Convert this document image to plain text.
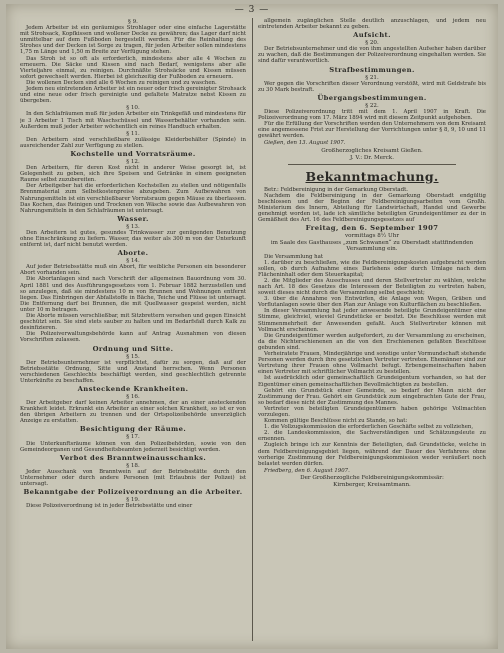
— 3 —
§ 9.
Jedem Arbeiter ist ein geräumiges Strohlager oder eine einfache Lagerstätte mit Strohsack, Kopfkissen und wollener Decke zu gewähren; das Lager darf nicht unmittelbar auf dem Fußboden hergestellt werden. Für die Reinhaltung des Strohes und der Decken ist Sorge zu tragen, für jeden Arbeiter sollen mindestens 1,75 m Länge und 1,50 m Breite zur Verfügung stehen.
Das Stroh ist so oft als erforderlich, mindestens aber alle 4 Wochen zu erneuern. Die Säcke und Kissen sind nach Bedarf, wenigstens aber alle Vierteljahre einmal, zu reinigen. Durchnäßte Strohsäcke und Kissen müssen sofort gewechselt werden. Hierbei ist gleichzeitig der Fußboden zu erneuern.
Die wollenen Decken sind alle 6 Wochen zu reinigen und zu waschen.
Jedem neu eintretenden Arbeiter ist ein neuer oder frisch gereinigter Strohsack und eine neue oder frisch gereinigte und gefaltete Matratze nebst Kissen zu übergeben.
§ 10.
In den Schlafräumen muß für jeden Arbeiter ein Trinkgefäß und mindestens für je 3 Arbeiter 1 Tisch mit Waschschüssel und Wasserbehälter vorhanden sein. Außerdem muß jeder Arbeiter wöchentlich ein reines Handtuch erhalten.
§ 11.
Den Arbeitern sind verschließbare zulässige Kleiderbehälter (Spinde) in ausreichender Zahl zur Verfügung zu stellen.
Kochstelle und Vorratsräume.
§ 12.
Den Arbeitern, für deren Kost nicht in anderer Weise gesorgt ist, ist Gelegenheit zu geben, sich ihre Speisen und Getränke in einem geeigneten Raume selbst zuzubereiten.
Der Arbeitgeber hat die erforderlichen Kochstellen zu stellen und nötigenfalls Brennmaterial zum Selbstkostenpreise abzugeben. Zum Aufbewahren von Nahrungsmitteln ist ein verschließbarer Vorratsraum gegen Mäuse zu überlassen. Das Kochen, das Reinigen und Trocknen von Wäsche sowie das Aufbewahren von Nahrungsmitteln in den Schlafräumen ist untersagt.
Wasser.
§ 13.
Den Arbeitern ist gutes, gesundes Trinkwasser zur genügenden Benutzung ohne Einschränkung zu liefern. Wasser, das weiter als 300 m von der Unterkunft entfernt ist, darf nicht benutzt werden.
Aborte.
§ 14.
Auf jeder Betriebsstätte muß ein Abort, für weibliche Personen ein besonderer Abort vorhanden sein.
Die Abortanlagen sind nach Vorschrift der allgemeinen Bauordnung vom 30. April 1881 und des Ausführungsgesetzes vom 1. Februar 1882 herzustellen und so anzulegen, daß sie mindestens 10 m von Brunnen und Wohnungen entfernt liegen. Das Einbringen der Abfallstoffe in Bäche, Teiche und Flüsse ist untersagt. Die Entfernung darf bei Brunnen, die mit Quellwasser gespeist werden, nicht unter 10 m betragen.
Die Aborte müssen verschließbar, mit Sitzbrettern versehen und gegen Einsicht geschützt sein. Sie sind stets sauber zu halten und im Bedarfsfall durch Kalk zu desinfizieren.
Die Polizeiverwaltungsbehörde kann auf Antrag Ausnahmen von diesen Vorschriften zulassen.
Ordnung und Sitte.
§ 15.
Der Betriebsunternehmer ist verpflichtet, dafür zu sorgen, daß auf der Betriebsstätte Ordnung, Sitte und Anstand herrschen. Wenn Personen verschiedenen Geschlechts beschäftigt werden, sind geschlechtlich getrennte Unterkünfte zu beschaffen.
Ansteckende Krankheiten.
§ 16.
Der Arbeitgeber darf keinen Arbeiter annehmen, der an einer ansteckenden Krankheit leidet. Erkrankt ein Arbeiter an einer solchen Krankheit, so ist er von den übrigen Arbeitern zu trennen und der Ortspolizeibehörde unverzüglich Anzeige zu erstatten.
Besichtigung der Räume.
§ 17.
Die Unterkunftsräume können von den Polizeibehörden, sowie von den Gemeindeorganen und Gesundheitsbeamten jederzeit besichtigt werden.
Verbot des Branntweinausschanks.
§ 18.
Jeder Ausschank von Branntwein auf der Betriebsstätte durch den Unternehmer oder durch andere Personen (mit Erlaubnis der Polizei) ist untersagt.
Bekanntgabe der Polizeiverordnung an die Arbeiter.
§ 19.
Diese Polizeiverordnung ist in jeder Betriebsstätte und einer
allgemein zugänglichen Stelle deutlich anzuschlagen, und jedem neu eintretenden Arbeiter bekannt zu geben.
Aufsicht.
§ 20.
Der Betriebsunternehmer und die von ihm angestellten Aufseher haben darüber zu wachen, daß die Bestimmungen der Polizeiverordnung eingehalten werden. Sie sind dafür verantwortlich.
Strafbestimmungen.
§ 21.
Wer gegen die Vorschriften dieser Verordnung verstößt, wird mit Geldstrafe bis zu 30 Mark bestraft.
Übergangsbestimmungen.
§ 22.
Diese Polizeiverordnung tritt mit dem 1. April 1907 in Kraft. Die Polizeiverordnung vom 17. März 1894 wird mit diesem Zeitpunkt aufgehoben.
Für die Erfüllung der Vorschriften werden den Unternehmern von dem Kreisamt eine angemessene Frist zur Herstellung der Vorrichtungen unter § 8, 9, 10 und 11 gewährt werden.
Gießen, den 13. August 1907.
Großherzogliches Kreisamt Gießen.
J. V.: Dr. Merck.
Bekanntmachung.
Betr.: Feldbereinigung in der Gemarkung Oberstadt.
Nachdem die Feldbereinigung in der Gemarkung Oberstadt endgültig beschlossen und der Beginn der Feldbereinigungsarbeiten vom Großh. Ministerium des Innern, Abteilung für Landwirtschaft, Handel und Gewerbe genehmigt worden ist, lade ich sämtliche beteiligten Grundeigentümer zu der in Gemäßheit des Art. 16 des Feldbereinigungsgesetzes auf
Freitag, den 6. September 1907
vormittags 8½ Uhr
im Saale des Gasthauses „zum Schwanen“ zu Oberstadt stattfindenden Versammlung ein.
Die Versammlung hat
1. darüber zu beschließen, wie die Feldbereinigungskosten aufgebracht werden sollen, ob durch Aufnahme eines Darlehens oder durch Umlage nach dem Flächeninhalt oder dem Steuerkapital;
2. die Mitglieder des Ausschusses und deren Stellvertreter zu wählen, welche nach Art. 18 des Gesetzes die Interessen der Beteiligten zu vertreten haben, soweit dieses nicht durch die Versammlung selbst geschieht;
3. über die Annahme von Entwürfen, die Anlage von Wegen, Gräben und Vorflutanlagen sowie über den Plan zur Anlage von Kulturflächen zu beschließen.
In dieser Versammlung hat jeder anwesende beteiligte Grundeigentümer eine Stimme, gleichviel, wieviel Grundstücke er besitzt. Die Beschlüsse werden mit Stimmenmehrheit der Anwesenden gefaßt. Auch Stellvertreter können mit Vollmacht erscheinen.
Die Grundeigentümer werden aufgefordert, zu der Versammlung zu erscheinen, da die Nichterschienenen an die von den Erschienenen gefaßten Beschlüsse gebunden sind.
Verheiratete Frauen, Minderjährige und sonstige unter Vormundschaft stehende Personen werden durch ihre gesetzlichen Vertreter vertreten. Ehemänner sind zur Vertretung ihrer Frauen ohne Vollmacht befugt. Erbengemeinschaften haben einen Vertreter mit schriftlicher Vollmacht zu bestellen.
Ist ausdrücklich oder gemeinschaftlich Grundeigentum vorhanden, so hat der Eigentümer einen gemeinschaftlichen Bevollmächtigten zu bestellen.
Gehört ein Grundstück einer Gemeinde, so bedarf der Mann nicht der Zustimmung der Frau. Gehört ein Grundstück zum eingebrachten Gute der Frau, so bedarf diese nicht der Zustimmung des Mannes.
Vertreter von beteiligten Grundeigentümern haben gehörige Vollmachten vorzulegen.
Kommen gültige Beschlüsse nicht zu Stande, so hat:
1. die Vollzugskommission die erforderlichen Geschäfte selbst zu vollziehen,
2. die Landeskommission, die Sachverständigen und Schätzungsleute zu ernennen.
Zugleich bringe ich zur Kenntnis der Beteiligten, daß Grundstücke, welche in dem Feldbereinigungsgebiet liegen, während der Dauer des Verfahrens ohne vorherige Zustimmung der Feldbereinigungskommission weder veräußert noch belastet werden dürfen.
Friedberg, den 6. August 1907.
Der Großherzogliche Feldbereinigungskommissär:
Kirnberger, Kreisamtmann.
